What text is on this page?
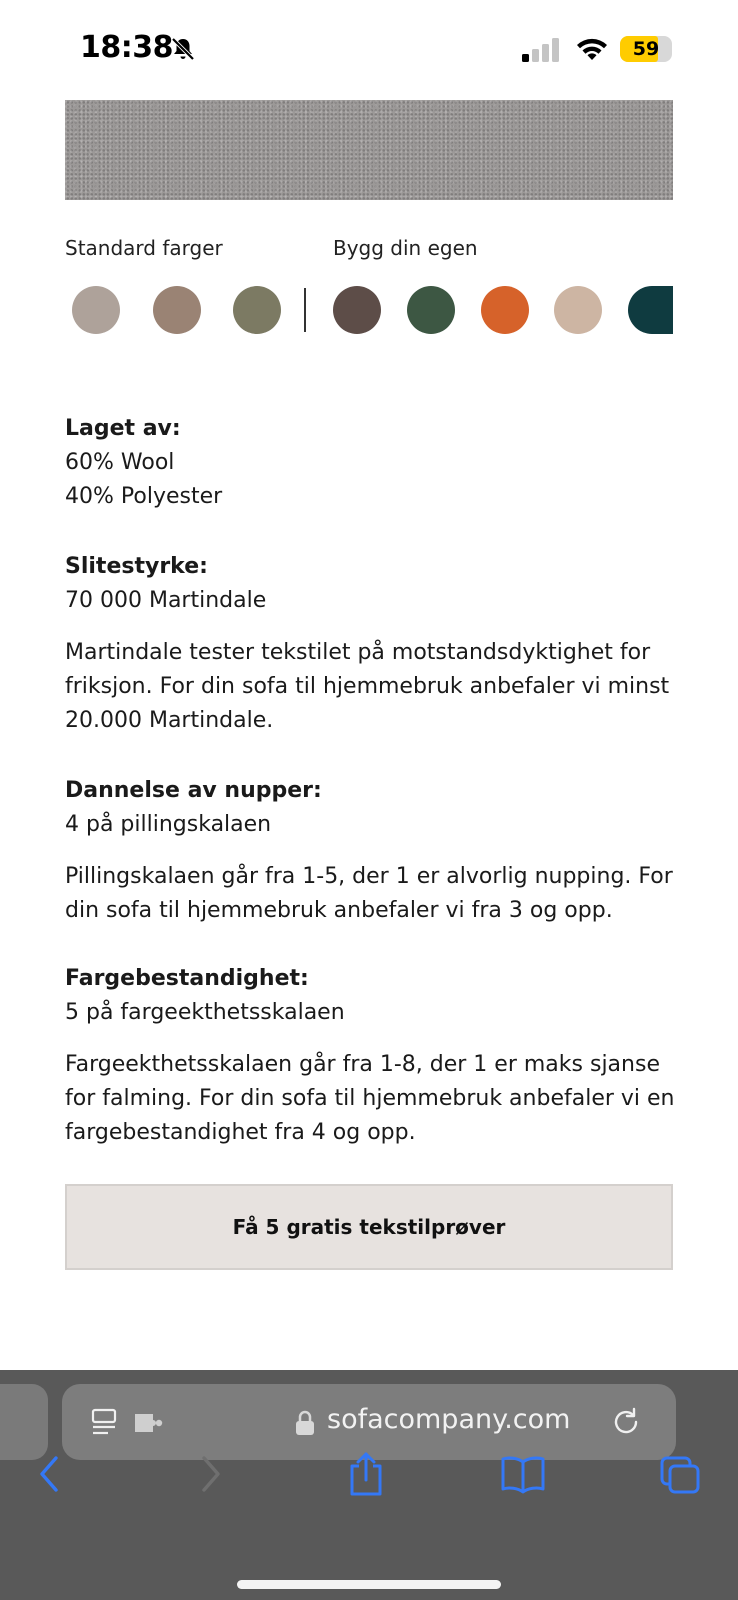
18:38	59
Standard farger	Bygg din egen
Laget av:
60% Wool
40% Polyester
Slitestyrke:
70 000 Martindale
Martindale tester tekstilet på motstandsdyktighet for friksjon. For din sofa til hjemmebruk anbefaler vi minst 20.000 Martindale.
Dannelse av nupper:
4 på pillingskalaen
Pillingskalaen går fra 1-5, der 1 er alvorlig nupping. For din sofa til hjemmebruk anbefaler vi fra 3 og opp.
Fargebestandighet:
5 på fargeekthetsskalaen
Fargeekthetsskalaen går fra 1-8, der 1 er maks sjanse for falming. For din sofa til hjemmebruk anbefaler vi en fargebestandighet fra 4 og opp.
Få 5 gratis tekstilprøver
sofacompany.com
